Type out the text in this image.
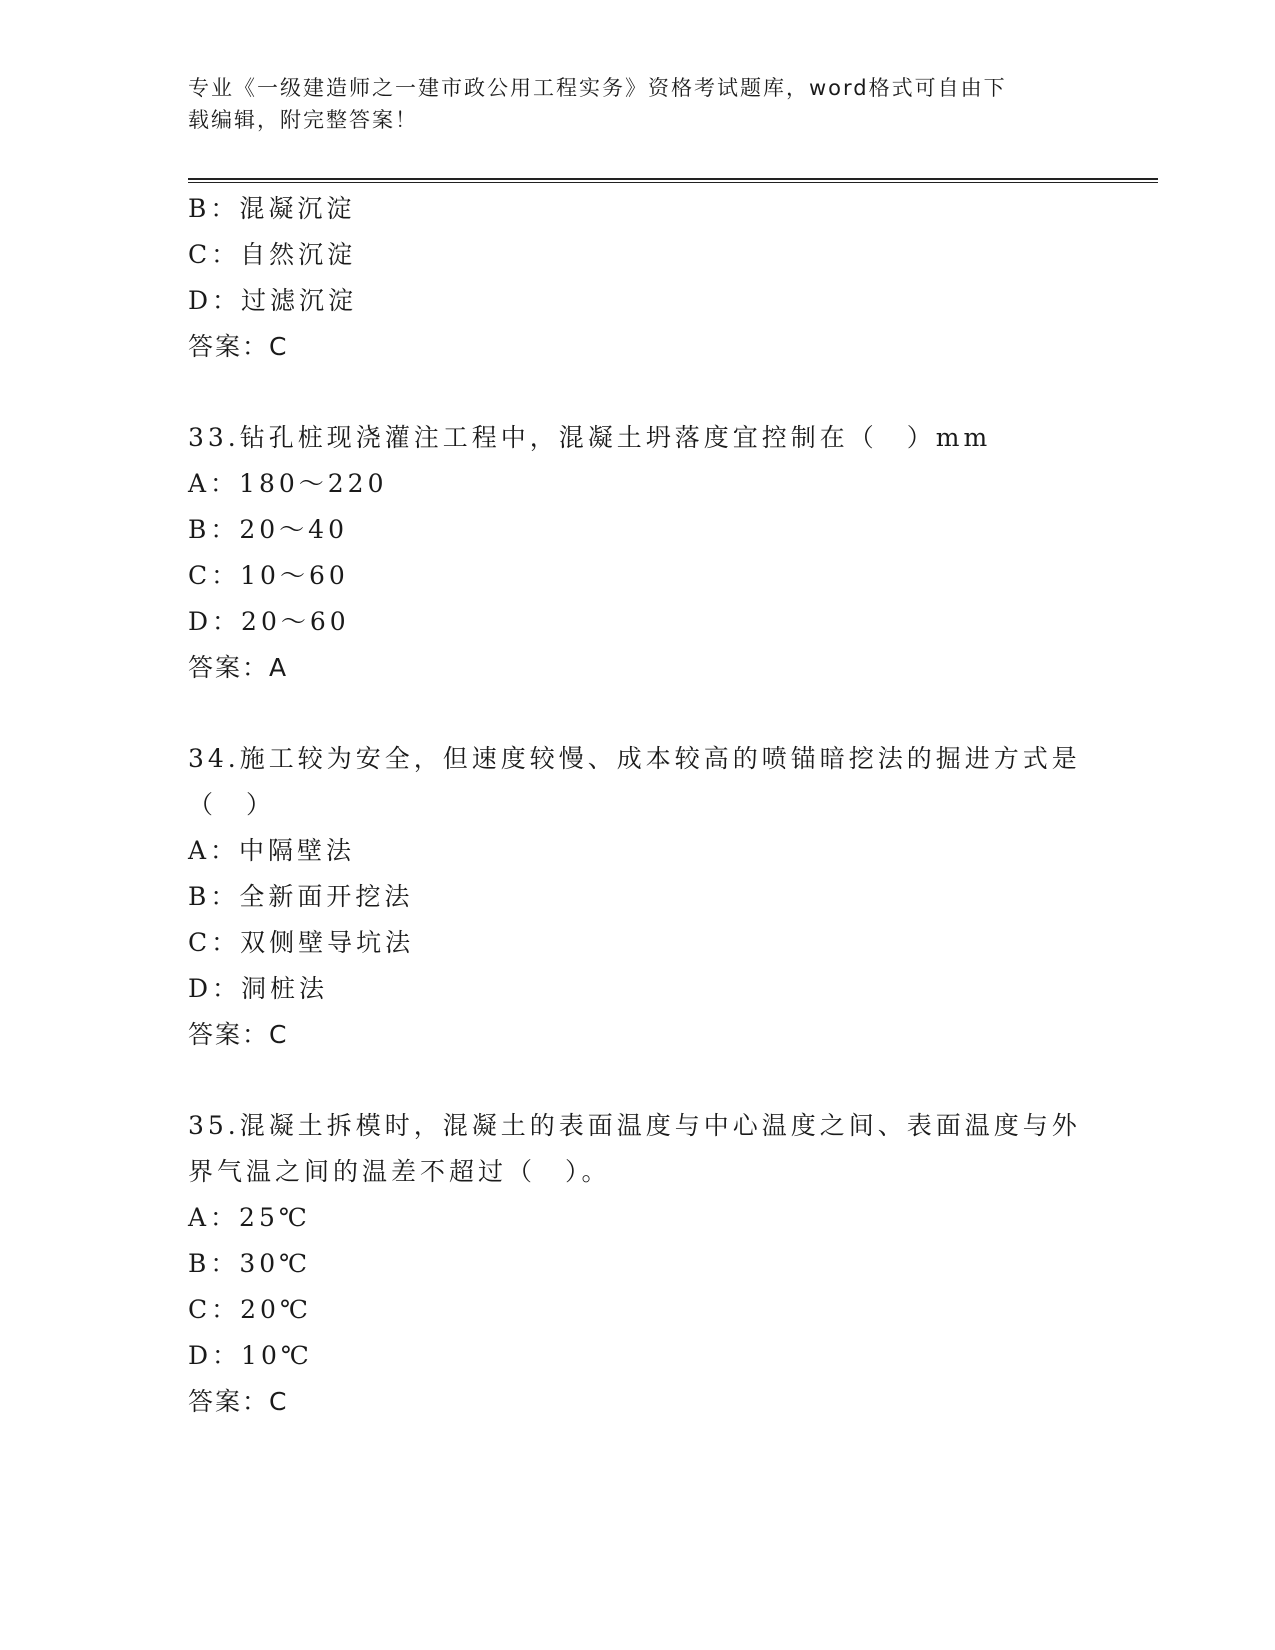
专业《一级建造师之一建市政公用工程实务》资格考试题库，word格式可自由下
载编辑，附完整答案！
B：混凝沉淀
C：自然沉淀
D：过滤沉淀
答案：C
33.钻孔桩现浇灌注工程中，混凝土坍落度宜控制在（　）mm
A：180～220
B：20～40
C：10～60
D：20～60
答案：A
34.施工较为安全，但速度较慢、成本较高的喷锚暗挖法的掘进方式是
（　）
A：中隔壁法
B：全新面开挖法
C：双侧壁导坑法
D：洞桩法
答案：C
35.混凝土拆模时，混凝土的表面温度与中心温度之间、表面温度与外
界气温之间的温差不超过（　）。
A：25℃
B：30℃
C：20℃
D：10℃
答案：C
